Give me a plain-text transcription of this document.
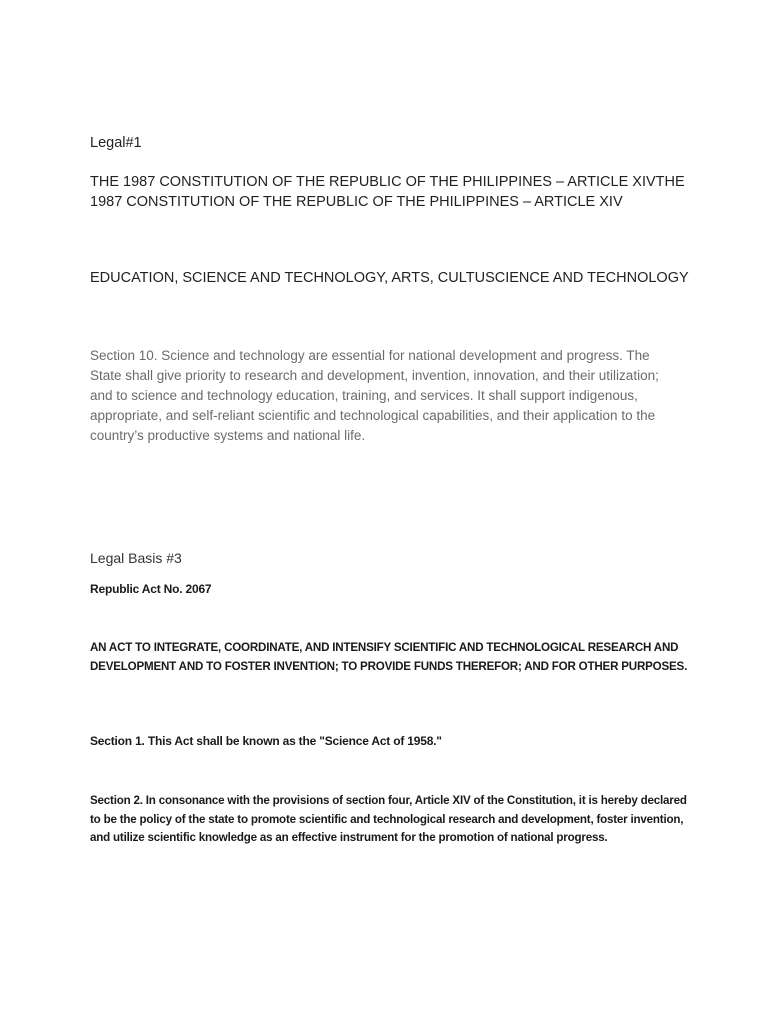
Legal#1

THE 1987 CONSTITUTION OF THE REPUBLIC OF THE PHILIPPINES – ARTICLE XIVTHE 1987 CONSTITUTION OF THE REPUBLIC OF THE PHILIPPINES – ARTICLE XIV

EDUCATION, SCIENCE AND TECHNOLOGY, ARTS, CULTUSCIENCE AND TECHNOLOGY

Section 10. Science and technology are essential for national development and progress. The State shall give priority to research and development, invention, innovation, and their utilization; and to science and technology education, training, and services. It shall support indigenous, appropriate, and self-reliant scientific and technological capabilities, and their application to the country’s productive systems and national life.

Legal Basis #3

Republic Act No. 2067

AN ACT TO INTEGRATE, COORDINATE, AND INTENSIFY SCIENTIFIC AND TECHNOLOGICAL RESEARCH AND DEVELOPMENT AND TO FOSTER INVENTION; TO PROVIDE FUNDS THEREFOR; AND FOR OTHER PURPOSES.

Section 1. This Act shall be known as the "Science Act of 1958."

Section 2. In consonance with the provisions of section four, Article XIV of the Constitution, it is hereby declared to be the policy of the state to promote scientific and technological research and development, foster invention, and utilize scientific knowledge as an effective instrument for the promotion of national progress.
